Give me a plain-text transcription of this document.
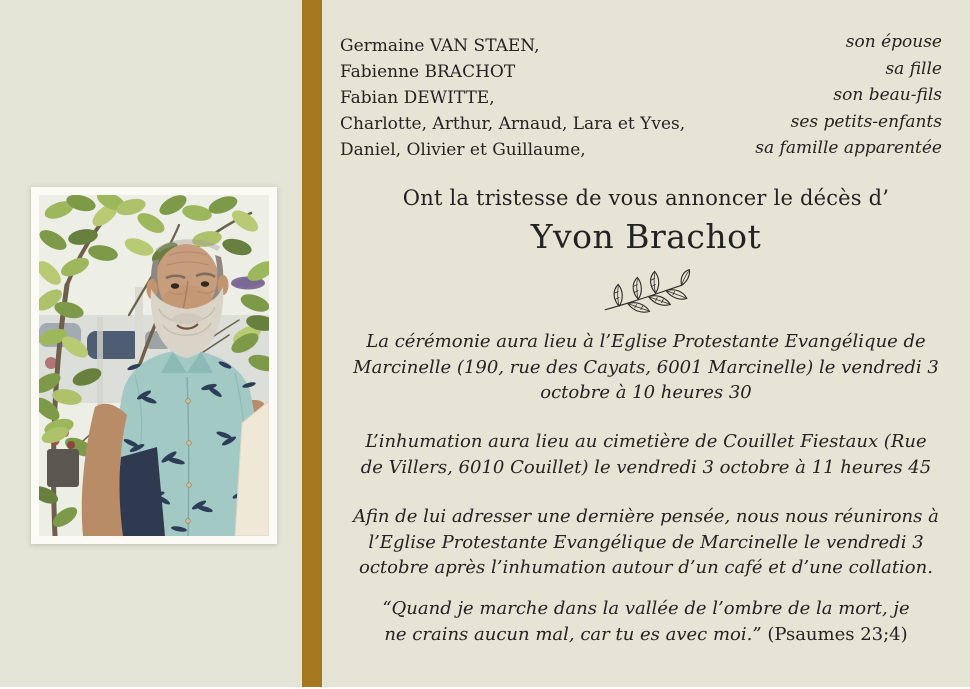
Germaine VAN STAEN,
Fabienne BRACHOT
Fabian DEWITTE,
Charlotte, Arthur, Arnaud, Lara et Yves,
Daniel, Olivier et Guillaume,
son épouse
sa fille
son beau-fils
ses petits-enfants
sa famille apparentée
Ont la tristesse de vous annoncer le décès d’
Yvon Brachot
La cérémonie aura lieu à l’Eglise Protestante Evangélique de
Marcinelle (190, rue des Cayats, 6001 Marcinelle) le vendredi 3
octobre à 10 heures 30
L’inhumation aura lieu au cimetière de Couillet Fiestaux (Rue
de Villers, 6010 Couillet) le vendredi 3 octobre à 11 heures 45
Afin de lui adresser une dernière pensée, nous nous réunirons à
l’Eglise Protestante Evangélique de Marcinelle le vendredi 3
octobre après l’inhumation autour d’un café et d’une collation.
“Quand je marche dans la vallée de l’ombre de la mort, je
ne crains aucun mal, car tu es avec moi.” (Psaumes 23;4)
